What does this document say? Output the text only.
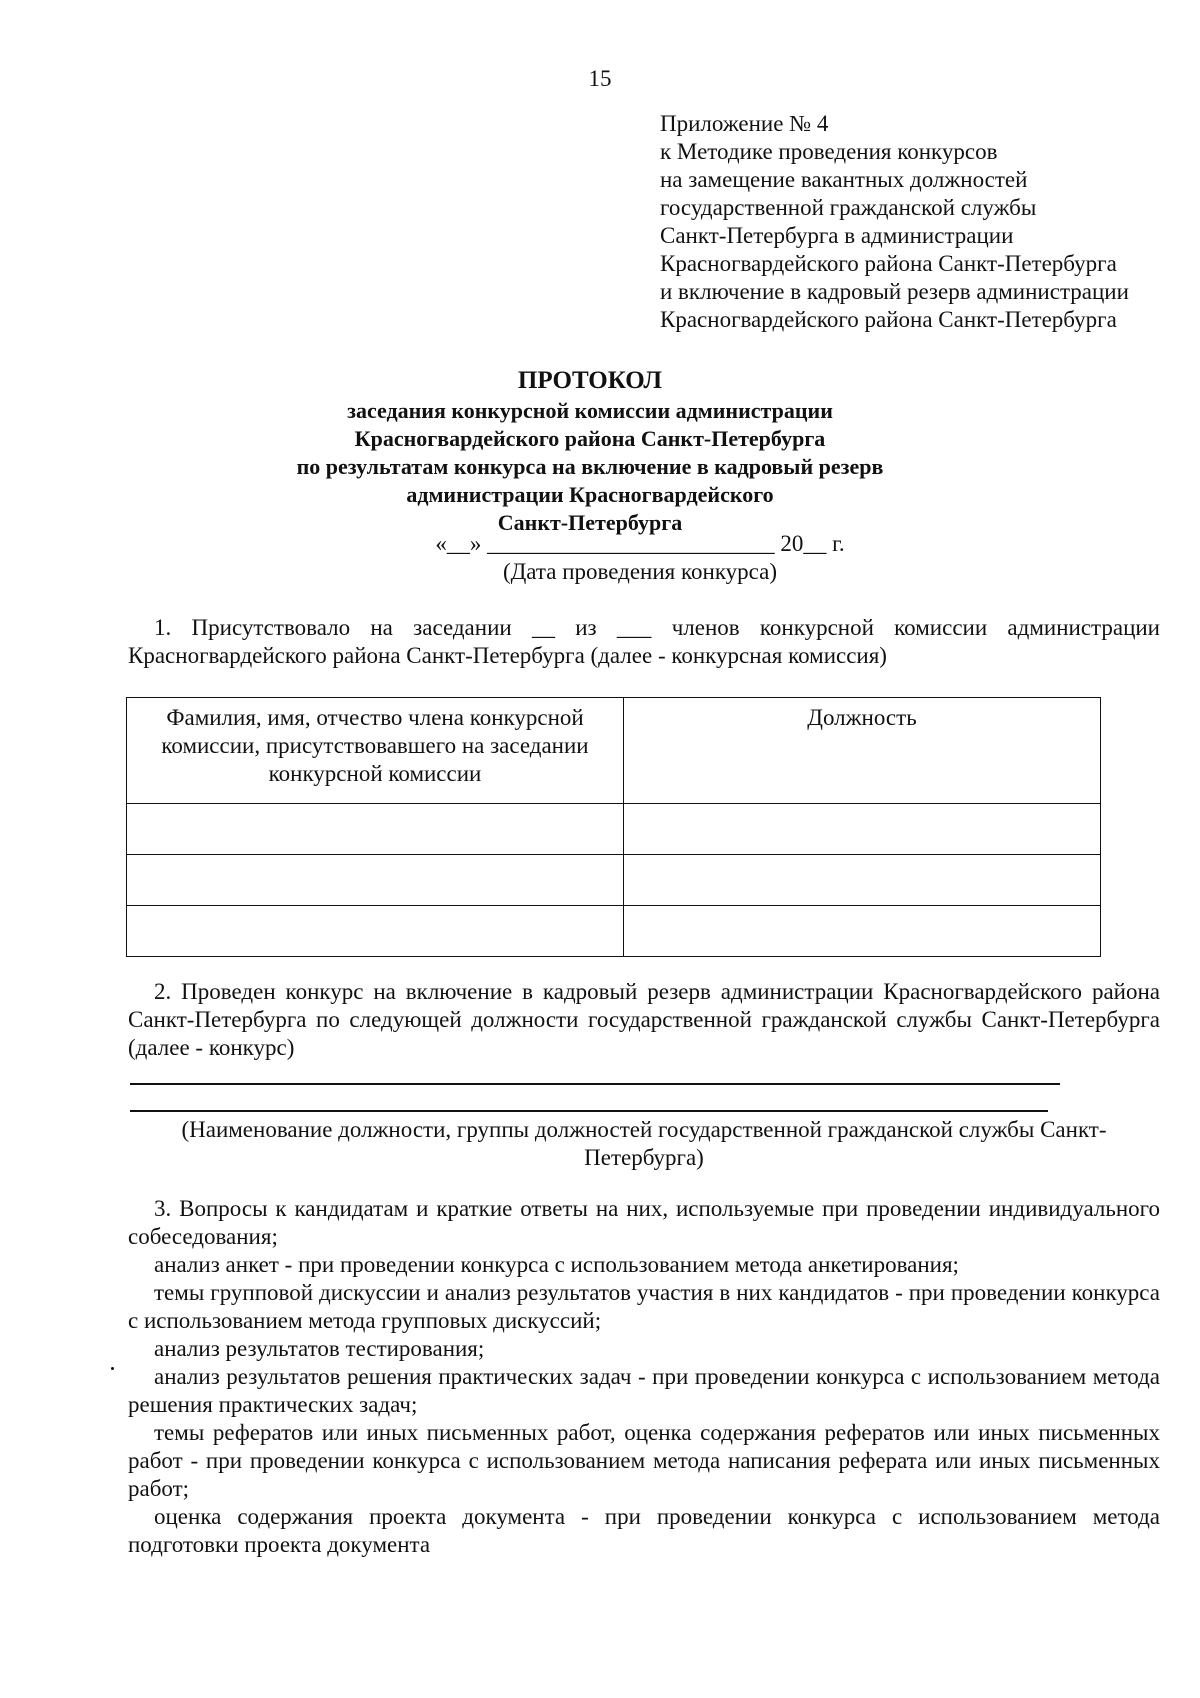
15
Приложение № 4
к Методике проведения конкурсов
на замещение вакантных должностей
государственной гражданской службы
Санкт-Петербурга в администрации
Красногвардейского района Санкт-Петербурга
и включение в кадровый резерв администрации
Красногвардейского района Санкт-Петербурга
ПРОТОКОЛ
заседания конкурсной комиссии администрации
Красногвардейского района Санкт-Петербурга
по результатам конкурса на включение в кадровый резерв
администрации Красногвардейского
Санкт-Петербурга
«__» _________________________ 20__ г.
(Дата проведения конкурса)
1. Присутствовало на заседании __ из ___ членов конкурсной комиссии администрации Красногвардейского района Санкт-Петербурга (далее - конкурсная комиссия)
Фамилия, имя, отчество члена конкурсной комиссии, присутствовавшего на заседании конкурсной комиссии	Должность

2. Проведен конкурс на включение в кадровый резерв администрации Красногвардейского района Санкт-Петербурга по следующей должности государственной гражданской службы Санкт-Петербурга (далее - конкурс)
(Наименование должности, группы должностей государственной гражданской службы Санкт-Петербурга)
3. Вопросы к кандидатам и краткие ответы на них, используемые при проведении индивидуального собеседования;
анализ анкет - при проведении конкурса с использованием метода анкетирования;
темы групповой дискуссии и анализ результатов участия в них кандидатов - при проведении конкурса с использованием метода групповых дискуссий;
анализ результатов тестирования;
анализ результатов решения практических задач - при проведении конкурса с использованием метода решения практических задач;
темы рефератов или иных письменных работ, оценка содержания рефератов или иных письменных работ - при проведении конкурса с использованием метода написания реферата или иных письменных работ;
оценка содержания проекта документа - при проведении конкурса с использованием метода подготовки проекта документа
